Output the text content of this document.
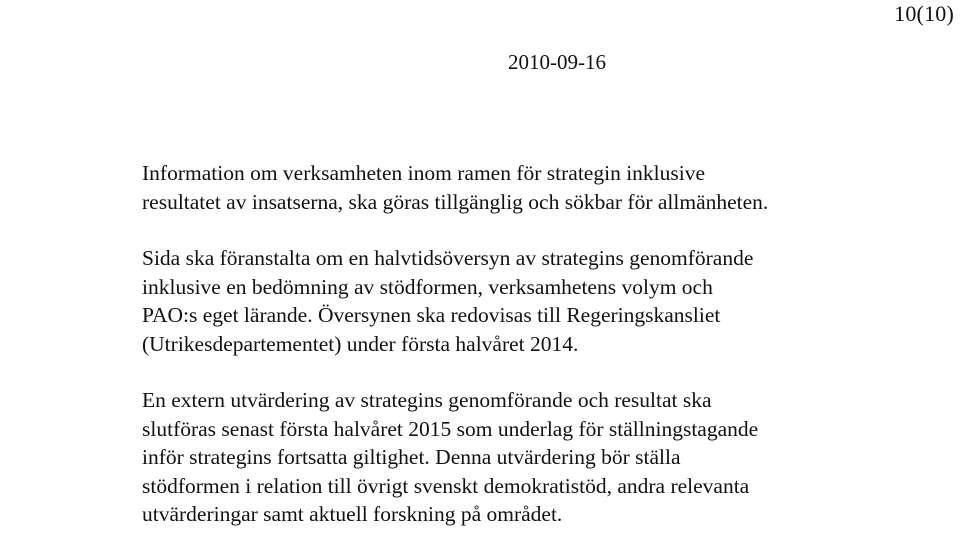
10(10)
2010-09-16

Information om verksamheten inom ramen för strategin inklusive
resultatet av insatserna, ska göras tillgänglig och sökbar för allmänheten.

Sida ska föranstalta om en halvtidsöversyn av strategins genomförande
inklusive en bedömning av stödformen, verksamhetens volym och
PAO:s eget lärande. Översynen ska redovisas till Regeringskansliet
(Utrikesdepartementet) under första halvåret 2014.

En extern utvärdering av strategins genomförande och resultat ska
slutföras senast första halvåret 2015 som underlag för ställningstagande
inför strategins fortsatta giltighet. Denna utvärdering bör ställa
stödformen i relation till övrigt svenskt demokratistöd, andra relevanta
utvärderingar samt aktuell forskning på området.
